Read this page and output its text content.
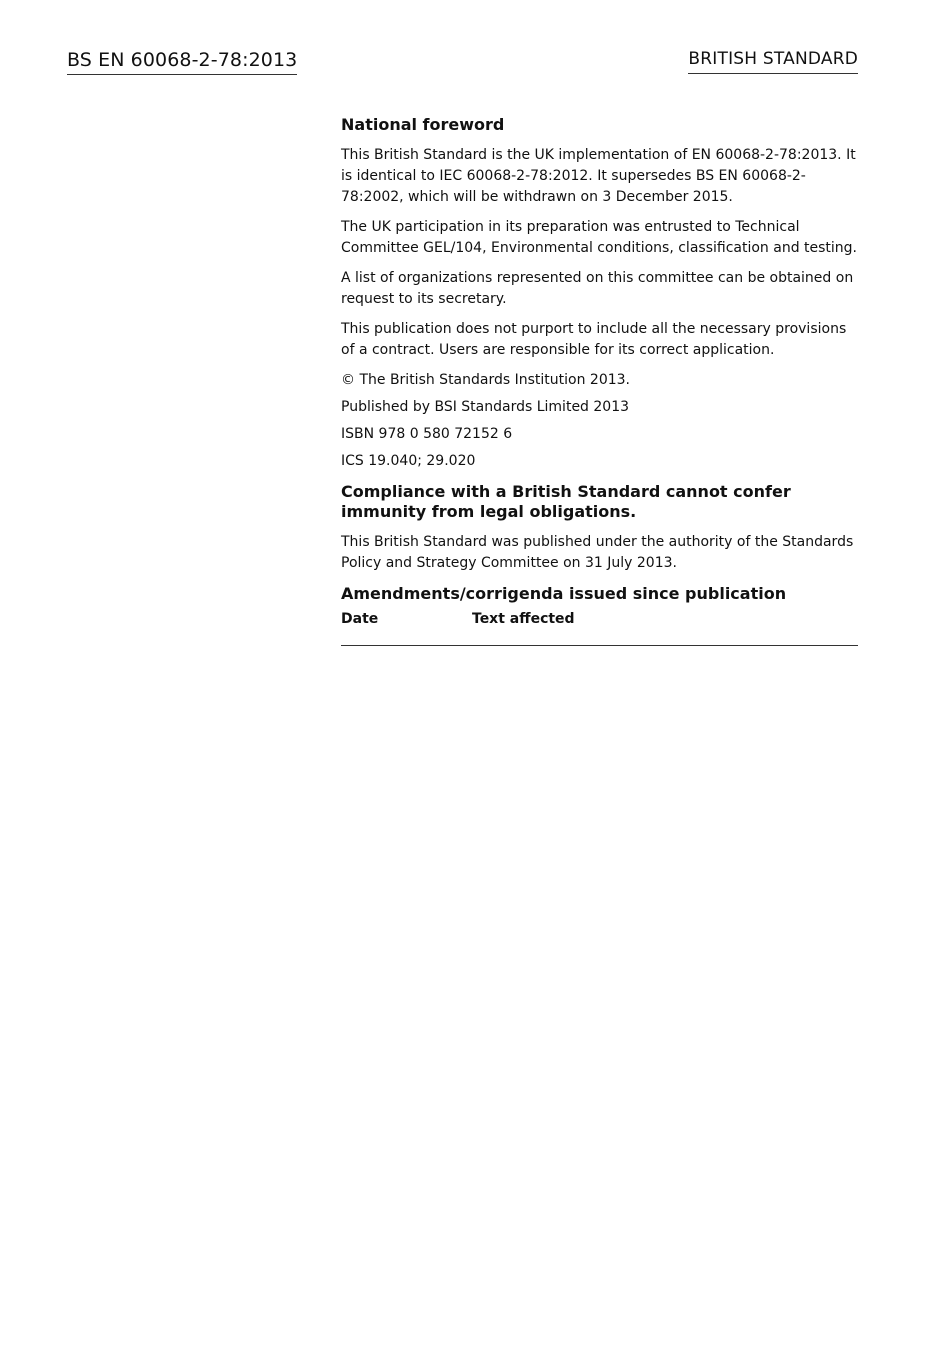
BS EN 60068-2-78:2013	BRITISH STANDARD
National foreword

This British Standard is the UK implementation of EN 60068-2-78:2013. It is identical to IEC 60068-2-78:2012. It supersedes BS EN 60068-2-78:2002, which will be withdrawn on 3 December 2015.

The UK participation in its preparation was entrusted to Technical Committee GEL/104, Environmental conditions, classification and testing.

A list of organizations represented on this committee can be obtained on request to its secretary.

This publication does not purport to include all the necessary provisions of a contract. Users are responsible for its correct application.

© The British Standards Institution 2013.

Published by BSI Standards Limited 2013

ISBN 978 0 580 72152 6

ICS 19.040; 29.020

Compliance with a British Standard cannot confer immunity from legal obligations.

This British Standard was published under the authority of the Standards Policy and Strategy Committee on 31 July 2013.

Amendments/corrigenda issued since publication
Date	Text affected
